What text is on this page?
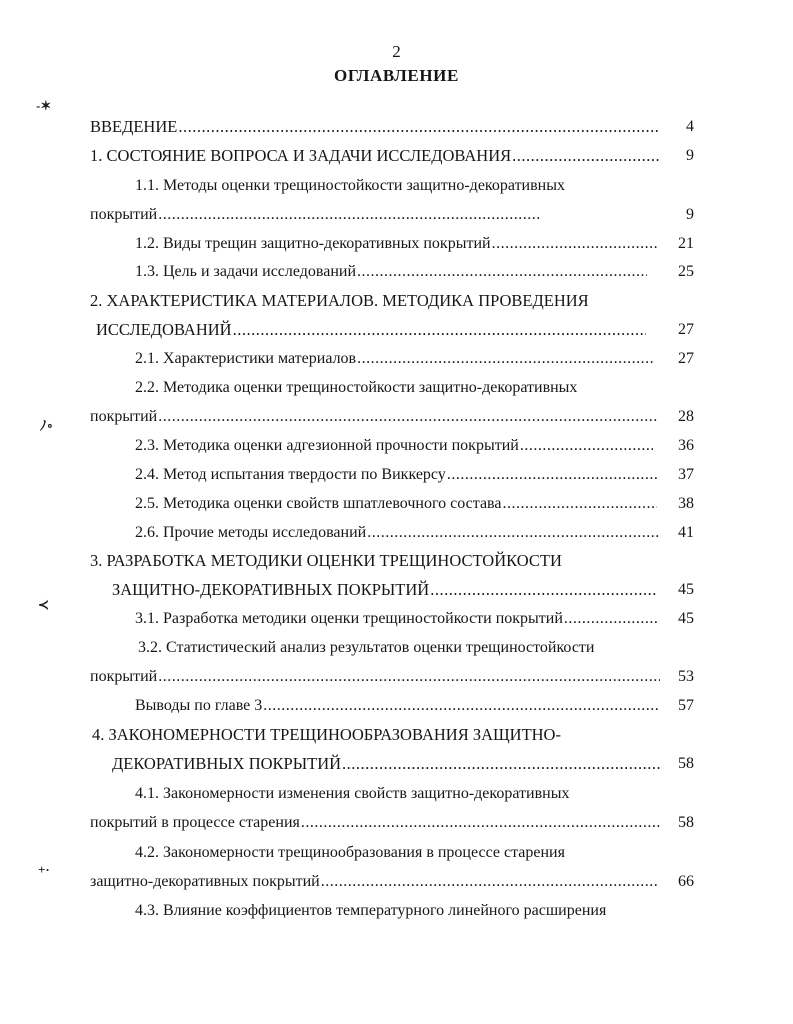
2
ОГЛАВЛЕНИЕ
-✶
ﾉ∘
≺
+·
ВВЕДЕНИЕ .....	4
1. СОСТОЯНИЕ ВОПРОСА И ЗАДАЧИ ИССЛЕДОВАНИЯ .....	9
1.1. Методы оценки трещиностойкости защитно-декоративных
покрытий .....	9
1.2. Виды трещин защитно-декоративных покрытий .....	21
1.3. Цель и задачи исследований .....	25
2. ХАРАКТЕРИСТИКА МАТЕРИАЛОВ. МЕТОДИКА ПРОВЕДЕНИЯ
ИССЛЕДОВАНИЙ .....	27
2.1. Характеристики материалов .....	27
2.2. Методика оценки трещиностойкости защитно-декоративных
покрытий .....	28
2.3. Методика оценки адгезионной прочности покрытий .....	36
2.4. Метод испытания твердости по Виккерсу .....	37
2.5. Методика оценки свойств шпатлевочного состава .....	38
2.6. Прочие методы исследований .....	41
3. РАЗРАБОТКА МЕТОДИКИ ОЦЕНКИ ТРЕЩИНОСТОЙКОСТИ
ЗАЩИТНО-ДЕКОРАТИВНЫХ ПОКРЫТИЙ .....	45
3.1. Разработка методики оценки трещиностойкости покрытий .....	45
3.2. Статистический анализ результатов оценки трещиностойкости
покрытий .....	53
Выводы по главе 3 .....	57
4. ЗАКОНОМЕРНОСТИ ТРЕЩИНООБРАЗОВАНИЯ ЗАЩИТНО-
ДЕКОРАТИВНЫХ ПОКРЫТИЙ .....	58
4.1. Закономерности изменения свойств защитно-декоративных
покрытий в процессе старения .....	58
4.2. Закономерности трещинообразования в процессе старения
защитно-декоративных покрытий .....	66
4.3. Влияние коэффициентов температурного линейного расширения
